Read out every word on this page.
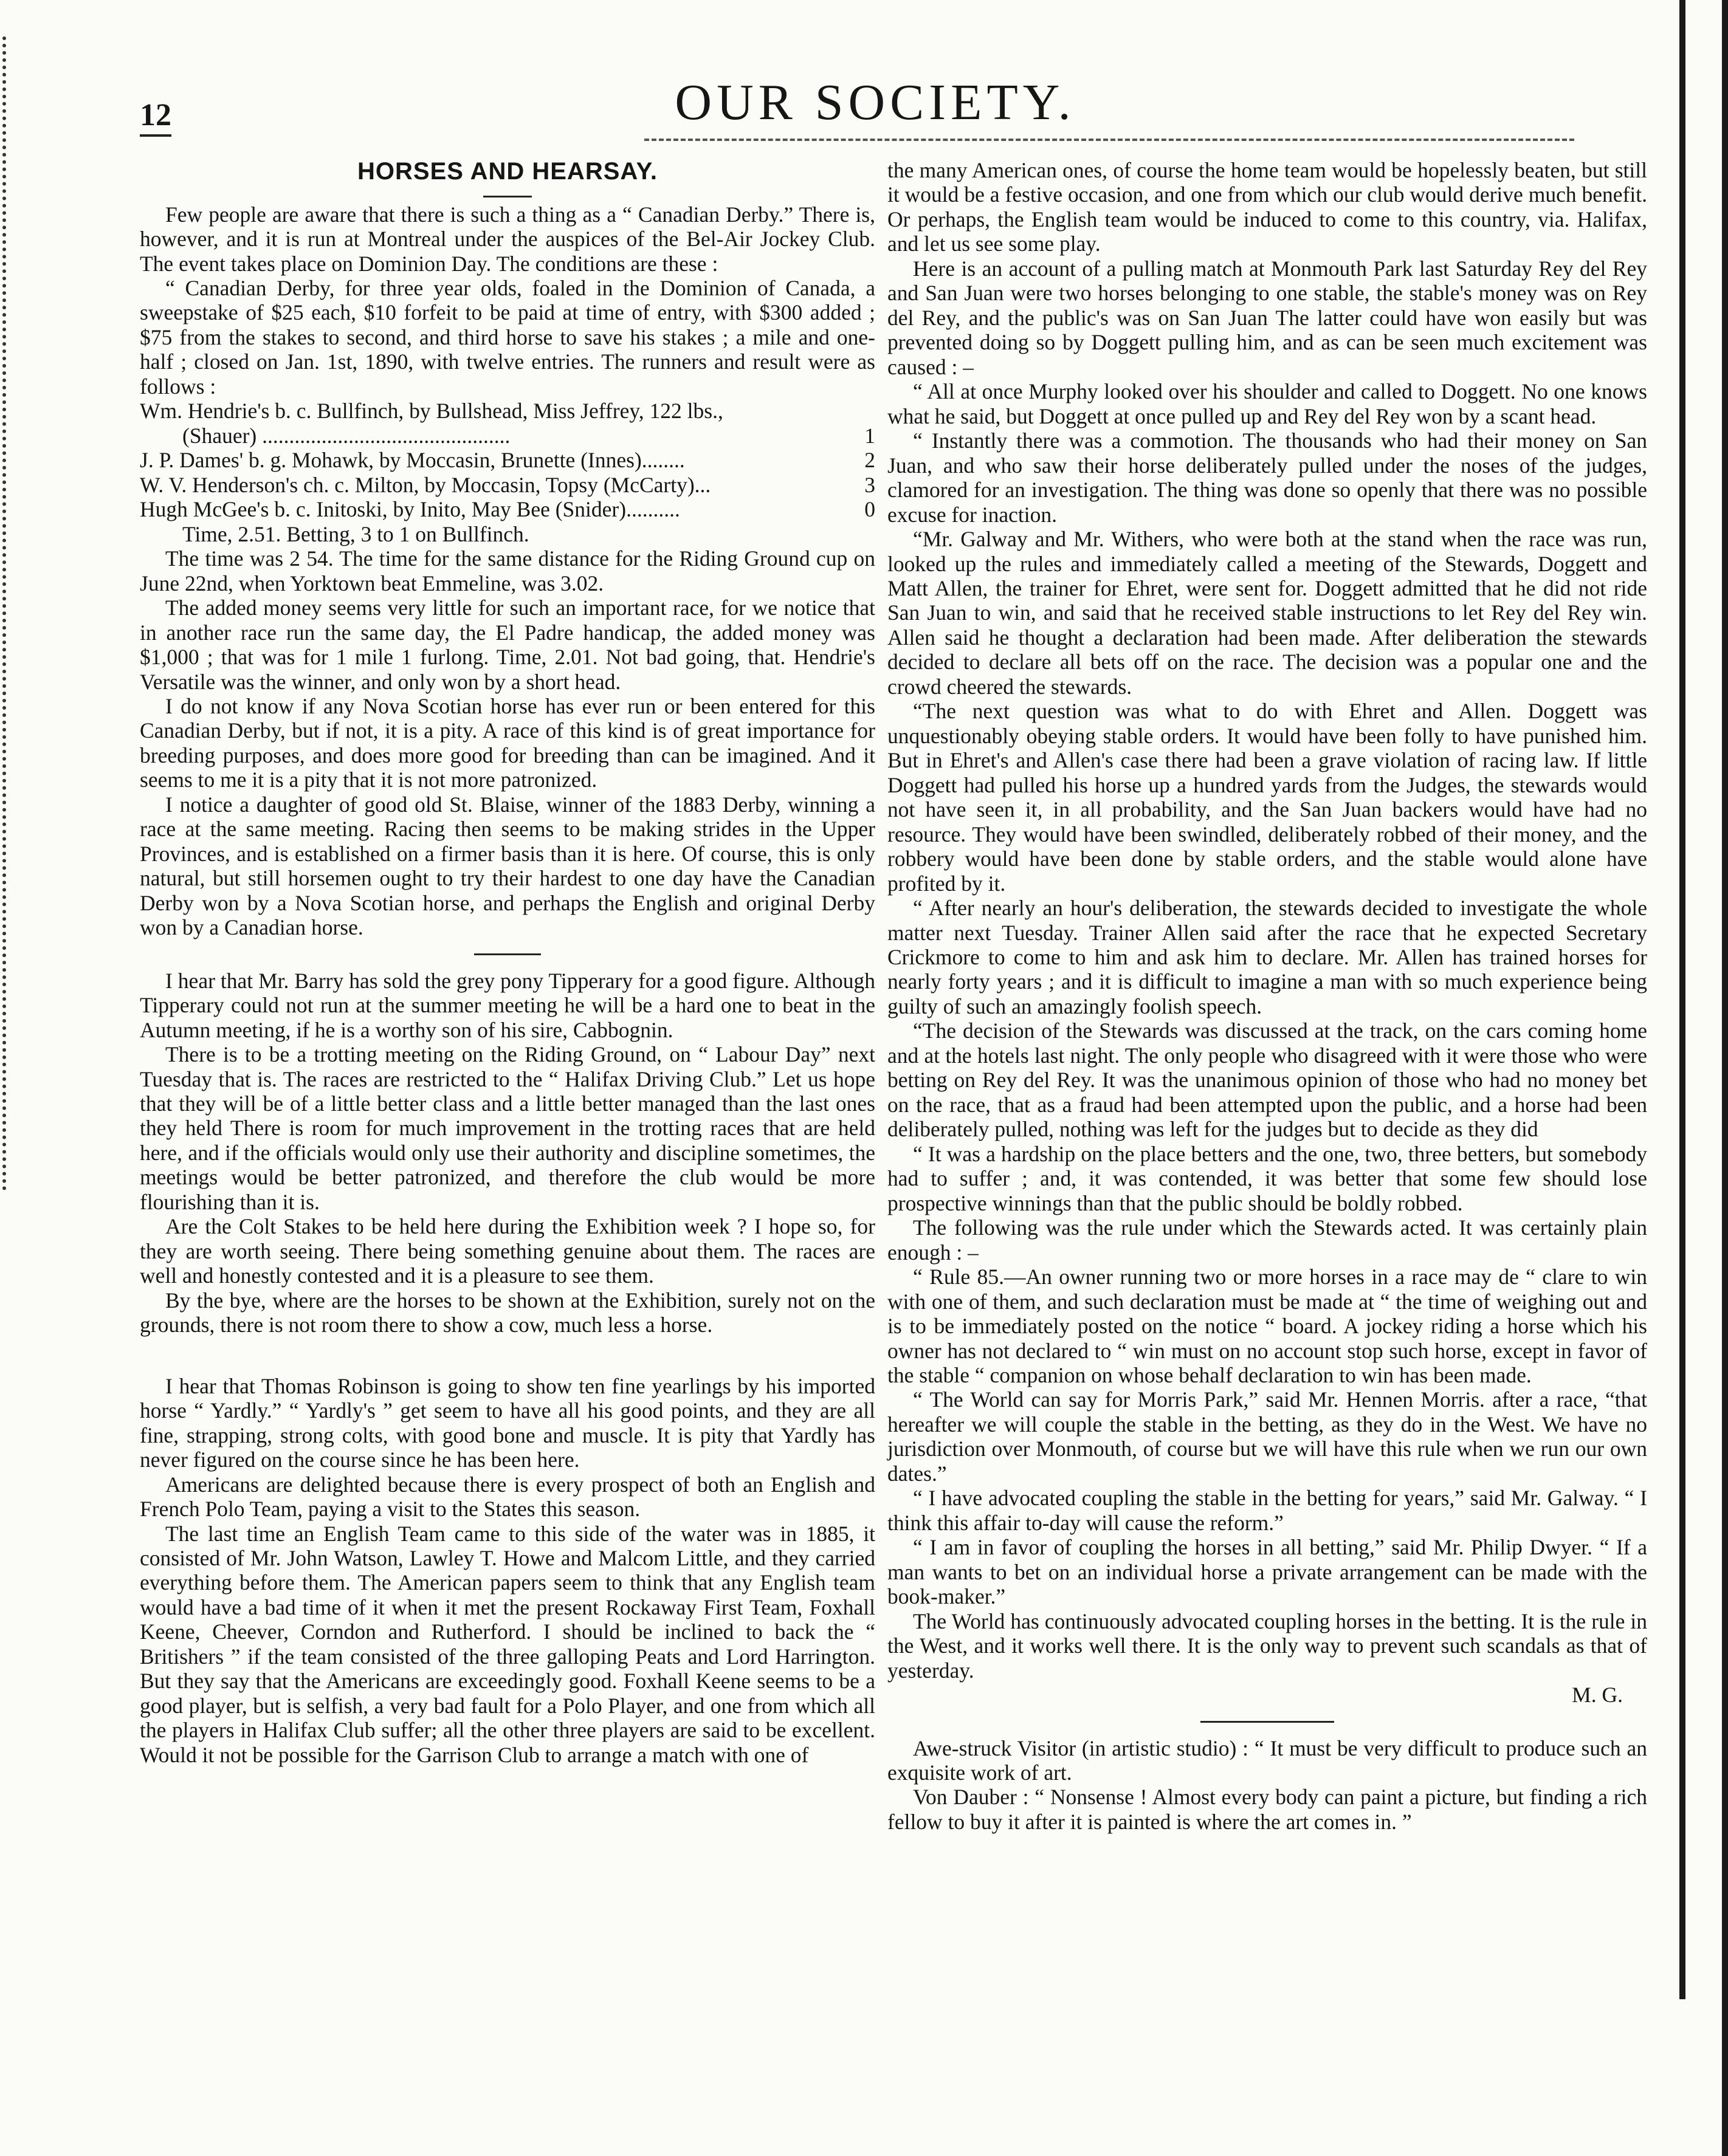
12	OUR SOCIETY.
HORSES AND HEARSAY.

Few people are aware that there is such a thing as a “ Canadian Derby.” There is, however, and it is run at Montreal under the auspices of the Bel-Air Jockey Club. The event takes place on Dominion Day. The conditions are these :

“ Canadian Derby, for three year olds, foaled in the Dominion of Canada, a sweepstake of $25 each, $10 forfeit to be paid at time of entry, with $300 added ; $75 from the stakes to second, and third horse to save his stakes ; a mile and one-half ; closed on Jan. 1st, 1890, with twelve entries. The runners and result were as follows :

Wm. Hendrie's b. c. Bullfinch, by Bullshead, Miss Jeffrey, 122 lbs.,
(Shauer) ..............................................	1
J. P. Dames' b. g. Mohawk, by Moccasin, Brunette (Innes)........	2
W. V. Henderson's ch. c. Milton, by Moccasin, Topsy (McCarty)...	3
Hugh McGee's b. c. Initoski, by Inito, May Bee (Snider)..........	0

Time, 2.51. Betting, 3 to 1 on Bullfinch.

The time was 2 54. The time for the same distance for the Riding Ground cup on June 22nd, when Yorktown beat Emmeline, was 3.02.

The added money seems very little for such an important race, for we notice that in another race run the same day, the El Padre handicap, the added money was $1,000 ; that was for 1 mile 1 furlong. Time, 2.01. Not bad going, that. Hendrie's Versatile was the winner, and only won by a short head.

I do not know if any Nova Scotian horse has ever run or been entered for this Canadian Derby, but if not, it is a pity. A race of this kind is of great importance for breeding purposes, and does more good for breeding than can be imagined. And it seems to me it is a pity that it is not more patronized.

I notice a daughter of good old St. Blaise, winner of the 1883 Derby, winning a race at the same meeting. Racing then seems to be making strides in the Upper Provinces, and is established on a firmer basis than it is here. Of course, this is only natural, but still horsemen ought to try their hardest to one day have the Canadian Derby won by a Nova Scotian horse, and perhaps the English and original Derby won by a Canadian horse.

I hear that Mr. Barry has sold the grey pony Tipperary for a good figure. Although Tipperary could not run at the summer meeting he will be a hard one to beat in the Autumn meeting, if he is a worthy son of his sire, Cabbognin.

There is to be a trotting meeting on the Riding Ground, on “ Labour Day” next Tuesday that is. The races are restricted to the “ Halifax Driving Club.” Let us hope that they will be of a little better class and a little better managed than the last ones they held There is room for much improvement in the trotting races that are held here, and if the officials would only use their authority and discipline sometimes, the meetings would be better patronized, and therefore the club would be more flourishing than it is.

Are the Colt Stakes to be held here during the Exhibition week ? I hope so, for they are worth seeing. There being something genuine about them. The races are well and honestly contested and it is a pleasure to see them.

By the bye, where are the horses to be shown at the Exhibition, surely not on the grounds, there is not room there to show a cow, much less a horse.

I hear that Thomas Robinson is going to show ten fine yearlings by his imported horse “ Yardly.” “ Yardly's ” get seem to have all his good points, and they are all fine, strapping, strong colts, with good bone and muscle. It is pity that Yardly has never figured on the course since he has been here.

Americans are delighted because there is every prospect of both an English and French Polo Team, paying a visit to the States this season.

The last time an English Team came to this side of the water was in 1885, it consisted of Mr. John Watson, Lawley T. Howe and Malcom Little, and they carried everything before them. The American papers seem to think that any English team would have a bad time of it when it met the present Rockaway First Team, Foxhall Keene, Cheever, Corndon and Rutherford. I should be inclined to back the “ Britishers ” if the team consisted of the three galloping Peats and Lord Harrington. But they say that the Americans are exceedingly good. Foxhall Keene seems to be a good player, but is selfish, a very bad fault for a Polo Player, and one from which all the players in Halifax Club suffer; all the other three players are said to be excellent. Would it not be possible for the Garrison Club to arrange a match with one of

the many American ones, of course the home team would be hopelessly beaten, but still it would be a festive occasion, and one from which our club would derive much benefit. Or perhaps, the English team would be induced to come to this country, via. Halifax, and let us see some play.

Here is an account of a pulling match at Monmouth Park last Saturday Rey del Rey and San Juan were two horses belonging to one stable, the stable's money was on Rey del Rey, and the public's was on San Juan The latter could have won easily but was prevented doing so by Doggett pulling him, and as can be seen much excitement was caused : –

“ All at once Murphy looked over his shoulder and called to Doggett. No one knows what he said, but Doggett at once pulled up and Rey del Rey won by a scant head.

“ Instantly there was a commotion. The thousands who had their money on San Juan, and who saw their horse deliberately pulled under the noses of the judges, clamored for an investigation. The thing was done so openly that there was no possible excuse for inaction.

“Mr. Galway and Mr. Withers, who were both at the stand when the race was run, looked up the rules and immediately called a meeting of the Stewards, Doggett and Matt Allen, the trainer for Ehret, were sent for. Doggett admitted that he did not ride San Juan to win, and said that he received stable instructions to let Rey del Rey win. Allen said he thought a declaration had been made. After deliberation the stewards decided to declare all bets off on the race. The decision was a popular one and the crowd cheered the stewards.

“The next question was what to do with Ehret and Allen. Doggett was unquestionably obeying stable orders. It would have been folly to have punished him. But in Ehret's and Allen's case there had been a grave violation of racing law. If little Doggett had pulled his horse up a hundred yards from the Judges, the stewards would not have seen it, in all probability, and the San Juan backers would have had no resource. They would have been swindled, deliberately robbed of their money, and the robbery would have been done by stable orders, and the stable would alone have profited by it.

“ After nearly an hour's deliberation, the stewards decided to investigate the whole matter next Tuesday. Trainer Allen said after the race that he expected Secretary Crickmore to come to him and ask him to declare. Mr. Allen has trained horses for nearly forty years ; and it is difficult to imagine a man with so much experience being guilty of such an amazingly foolish speech.

“The decision of the Stewards was discussed at the track, on the cars coming home and at the hotels last night. The only people who disagreed with it were those who were betting on Rey del Rey. It was the unanimous opinion of those who had no money bet on the race, that as a fraud had been attempted upon the public, and a horse had been deliberately pulled, nothing was left for the judges but to decide as they did

“ It was a hardship on the place betters and the one, two, three betters, but somebody had to suffer ; and, it was contended, it was better that some few should lose prospective winnings than that the public should be boldly robbed.

The following was the rule under which the Stewards acted. It was certainly plain enough : –

“ Rule 85.—An owner running two or more horses in a race may de “ clare to win with one of them, and such declaration must be made at “ the time of weighing out and is to be immediately posted on the notice “ board. A jockey riding a horse which his owner has not declared to “ win must on no account stop such horse, except in favor of the stable “ companion on whose behalf declaration to win has been made.

“ The World can say for Morris Park,” said Mr. Hennen Morris. after a race, “that hereafter we will couple the stable in the betting, as they do in the West. We have no jurisdiction over Monmouth, of course but we will have this rule when we run our own dates.”

“ I have advocated coupling the stable in the betting for years,” said Mr. Galway. “ I think this affair to-day will cause the reform.”

“ I am in favor of coupling the horses in all betting,” said Mr. Philip Dwyer. “ If a man wants to bet on an individual horse a private arrangement can be made with the book-maker.”

The World has continuously advocated coupling horses in the betting. It is the rule in the West, and it works well there. It is the only way to prevent such scandals as that of yesterday.

M. G.

Awe-struck Visitor (in artistic studio) : “ It must be very difficult to produce such an exquisite work of art.

Von Dauber : “ Nonsense ! Almost every body can paint a picture, but finding a rich fellow to buy it after it is painted is where the art comes in. ”
